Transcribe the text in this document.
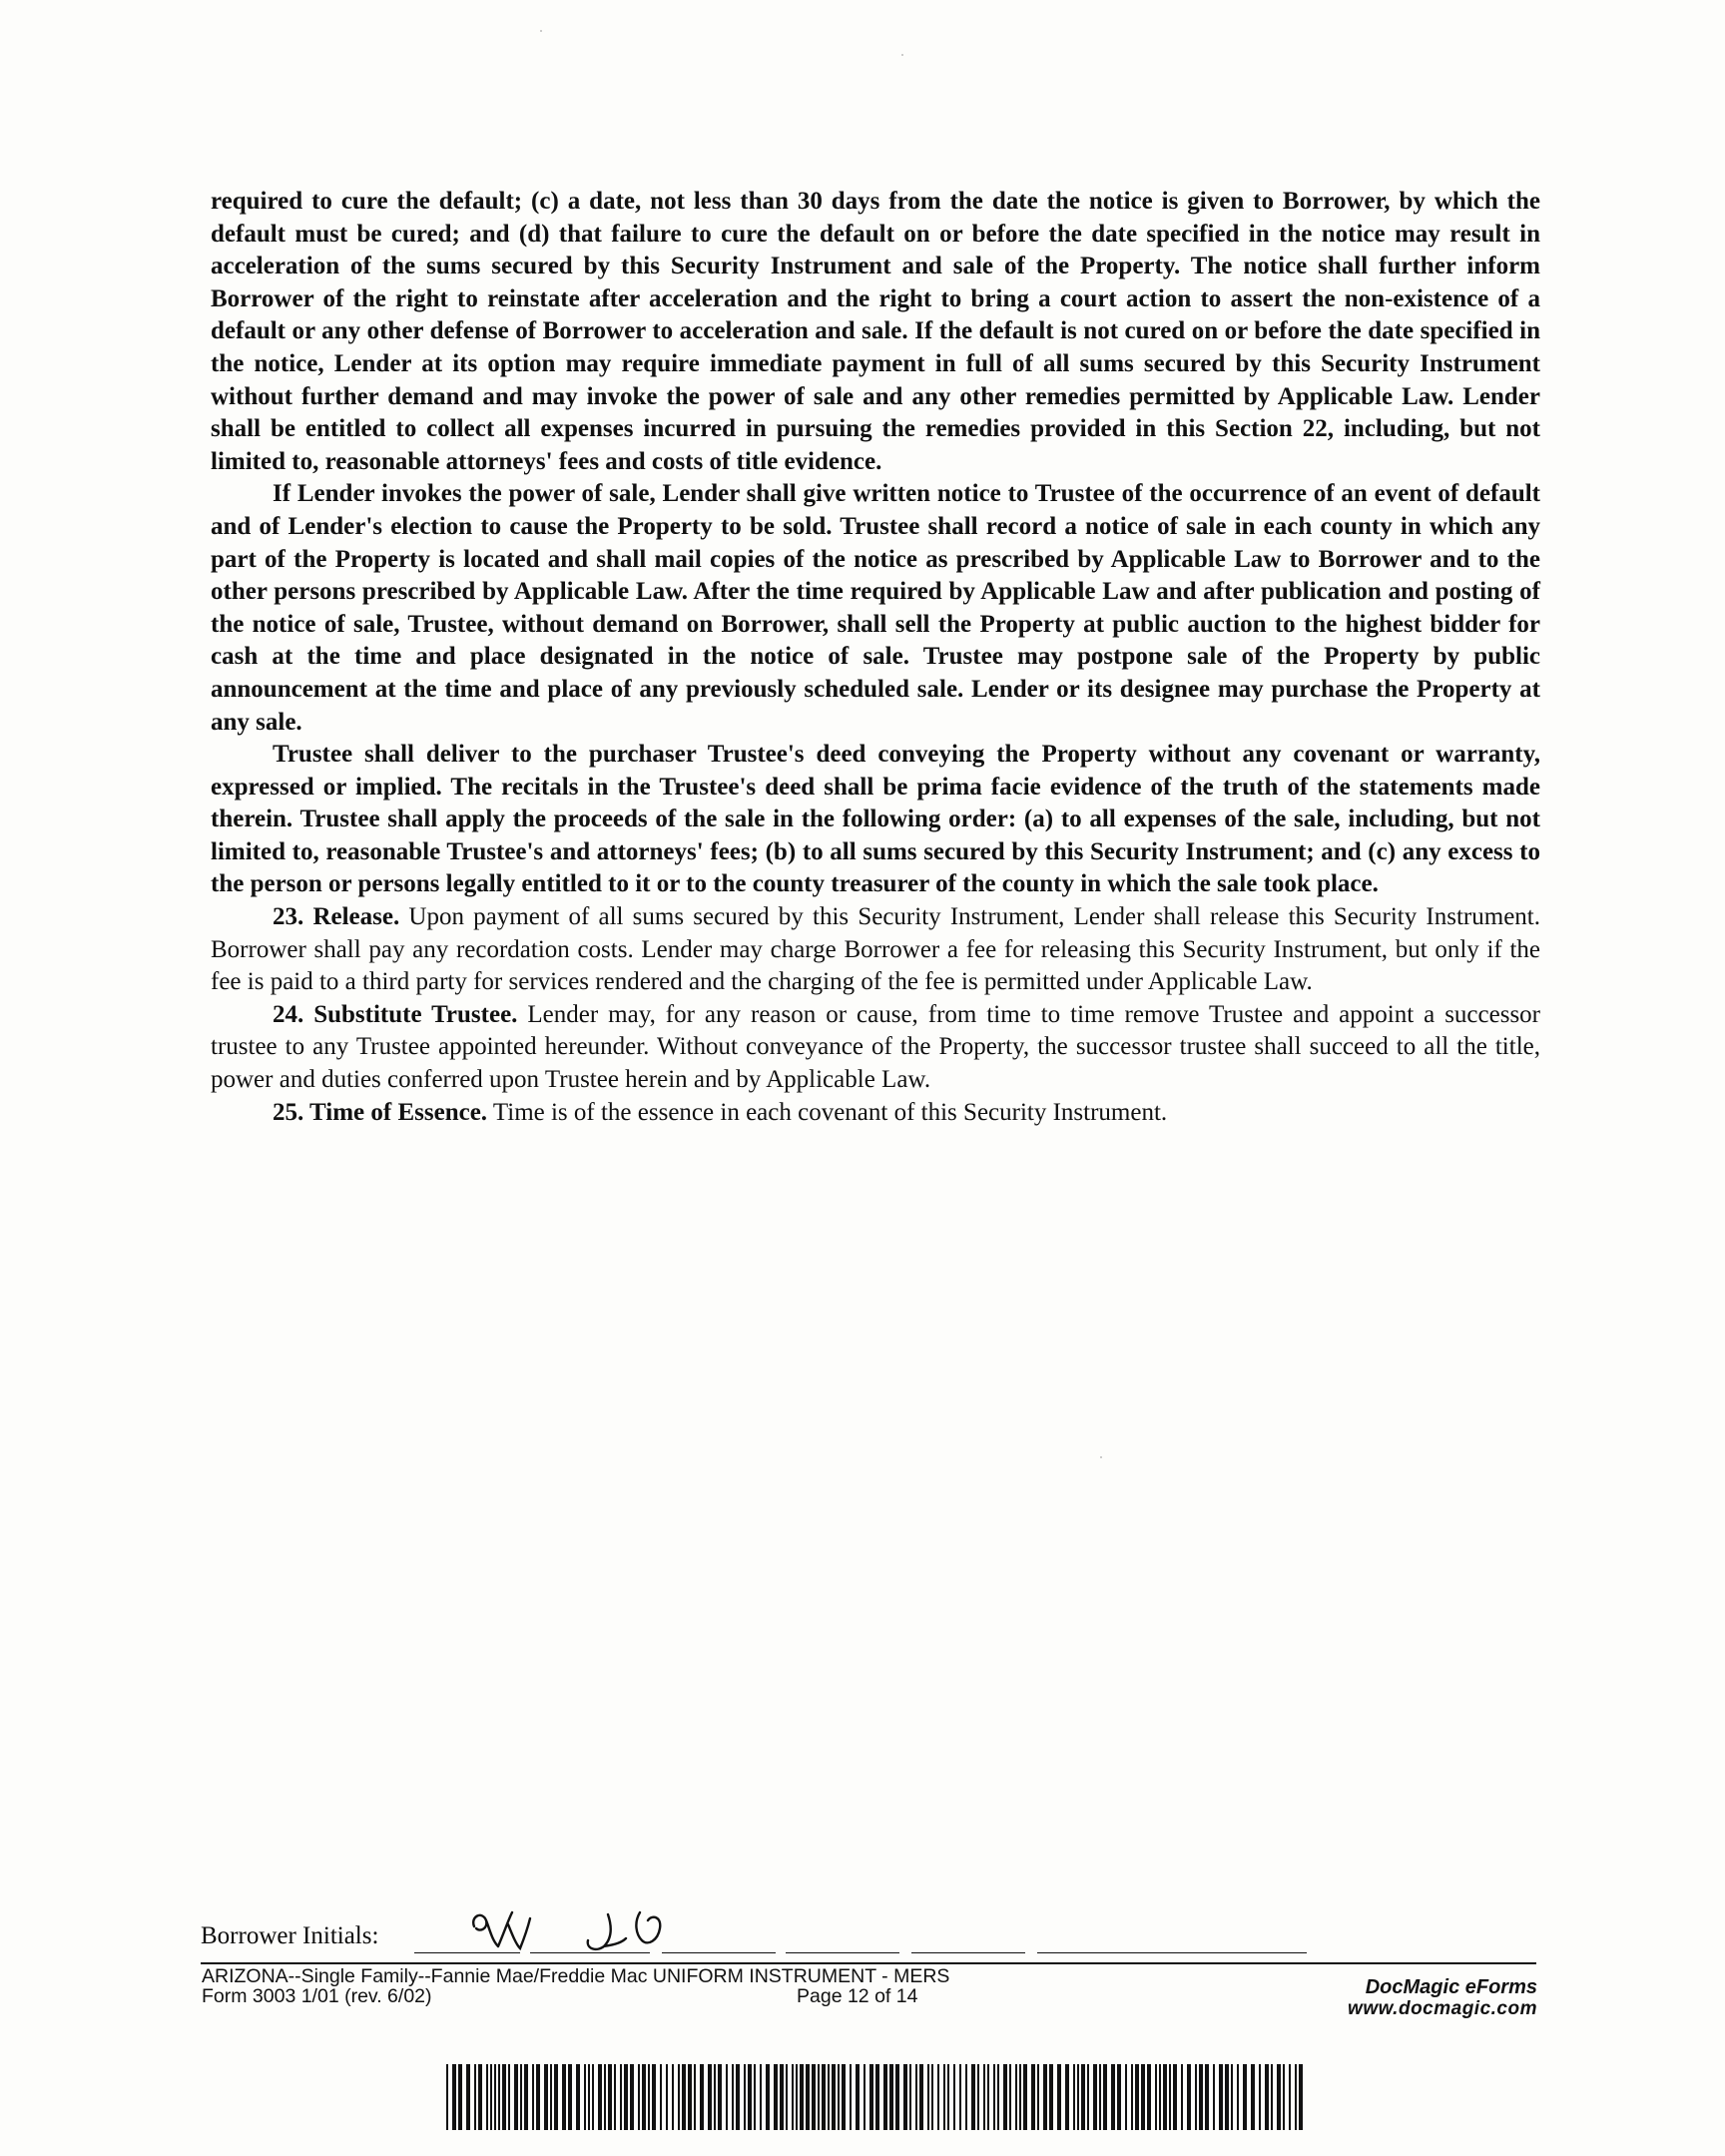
required to cure the default; (c) a date, not less than 30 days from the date the notice is given to Borrower, by which the default must be cured; and (d) that failure to cure the default on or before the date specified in the notice may result in acceleration of the sums secured by this Security Instrument and sale of the Property. The notice shall further inform Borrower of the right to reinstate after acceleration and the right to bring a court action to assert the non-existence of a default or any other defense of Borrower to acceleration and sale. If the default is not cured on or before the date specified in the notice, Lender at its option may require immediate payment in full of all sums secured by this Security Instrument without further demand and may invoke the power of sale and any other remedies permitted by Applicable Law. Lender shall be entitled to collect all expenses incurred in pursuing the remedies provided in this Section 22, including, but not limited to, reasonable attorneys' fees and costs of title evidence.

If Lender invokes the power of sale, Lender shall give written notice to Trustee of the occurrence of an event of default and of Lender's election to cause the Property to be sold. Trustee shall record a notice of sale in each county in which any part of the Property is located and shall mail copies of the notice as prescribed by Applicable Law to Borrower and to the other persons prescribed by Applicable Law. After the time required by Applicable Law and after publication and posting of the notice of sale, Trustee, without demand on Borrower, shall sell the Property at public auction to the highest bidder for cash at the time and place designated in the notice of sale. Trustee may postpone sale of the Property by public announcement at the time and place of any previously scheduled sale. Lender or its designee may purchase the Property at any sale.

Trustee shall deliver to the purchaser Trustee's deed conveying the Property without any covenant or warranty, expressed or implied. The recitals in the Trustee's deed shall be prima facie evidence of the truth of the statements made therein. Trustee shall apply the proceeds of the sale in the following order: (a) to all expenses of the sale, including, but not limited to, reasonable Trustee's and attorneys' fees; (b) to all sums secured by this Security Instrument; and (c) any excess to the person or persons legally entitled to it or to the county treasurer of the county in which the sale took place.

23. Release. Upon payment of all sums secured by this Security Instrument, Lender shall release this Security Instrument. Borrower shall pay any recordation costs. Lender may charge Borrower a fee for releasing this Security Instrument, but only if the fee is paid to a third party for services rendered and the charging of the fee is permitted under Applicable Law.

24. Substitute Trustee. Lender may, for any reason or cause, from time to time remove Trustee and appoint a successor trustee to any Trustee appointed hereunder. Without conveyance of the Property, the successor trustee shall succeed to all the title, power and duties conferred upon Trustee herein and by Applicable Law.

25. Time of Essence. Time is of the essence in each covenant of this Security Instrument.

Borrower Initials:
ARIZONA--Single Family--Fannie Mae/Freddie Mac UNIFORM INSTRUMENT - MERS
Form 3003 1/01 (rev. 6/02)	Page 12 of 14	DocMagic eForms
www.docmagic.com
